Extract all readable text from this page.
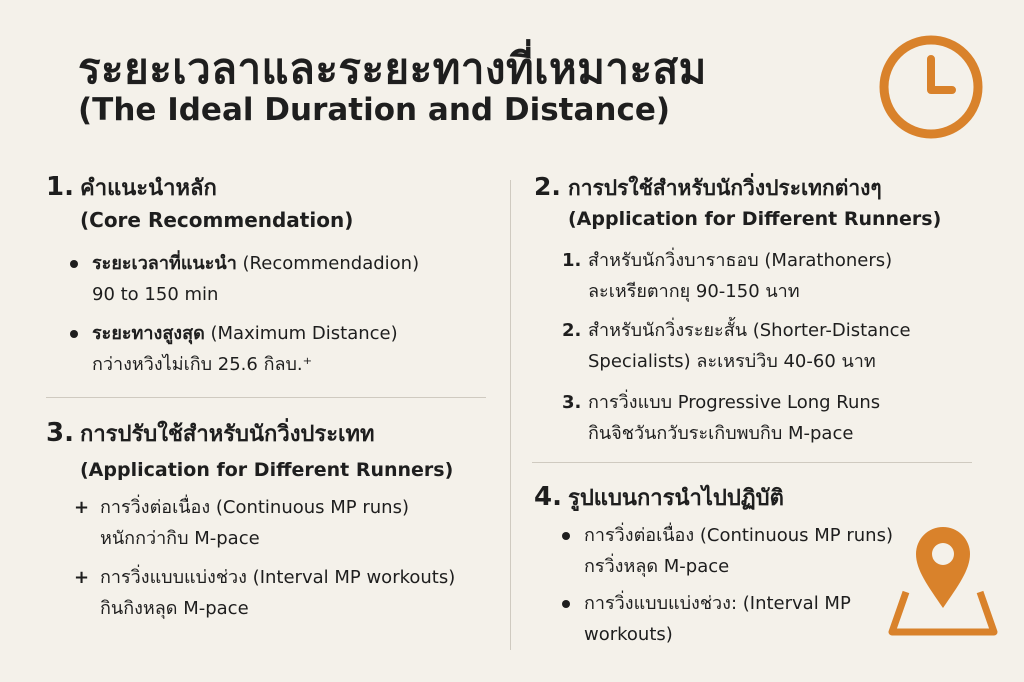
ระยะเวลาและระยะทางที่เหมาะสม
(The Ideal Duration and Distance)
1. คำแนะนำหลัก
(Core Recommendation)
ระยะเวลาที่แนะนำ (Recommendadion)
90 to 150 min
ระยะทางสูงสุด (Maximum Distance)
กว่างหวิงไม่เกิบ 25.6 กิลบ.⁺
3. การปรับใช้สำหรับนักวิ่งประเทท
(Application for Different Runners)
+ การวิ่งต่อเนื่อง (Continuous MP runs)
หนักกว่ากิบ M-pace
+ การวิ่งแบบแบ่งช่วง (Interval MP workouts)
กินกิงหลุด M-pace
2. การปรใช้สำหรับนักวิ่งประเทกต่างๆ
(Application for Different Runners)
1. สำหรับนักวิ่งบาราธอบ (Marathoners)
ละเหรียตากยุ 90-150 นาท
2. สำหรับนักวิ่งระยะสั้น (Shorter-Distance
Specialists) ละเหรบ่วิบ 40-60 นาท
3. การวิ่งแบบ Progressive Long Runs
กินจิชวันกวับระเกิบพบกิบ M-pace
4. รูปแบนการนำไปปฏิบัติ
การวิ่งต่อเนื่อง (Continuous MP runs)
กรวิ่งหลุด M-pace
การวิ่งแบบแบ่งช่วง: (Interval MP
workouts)
